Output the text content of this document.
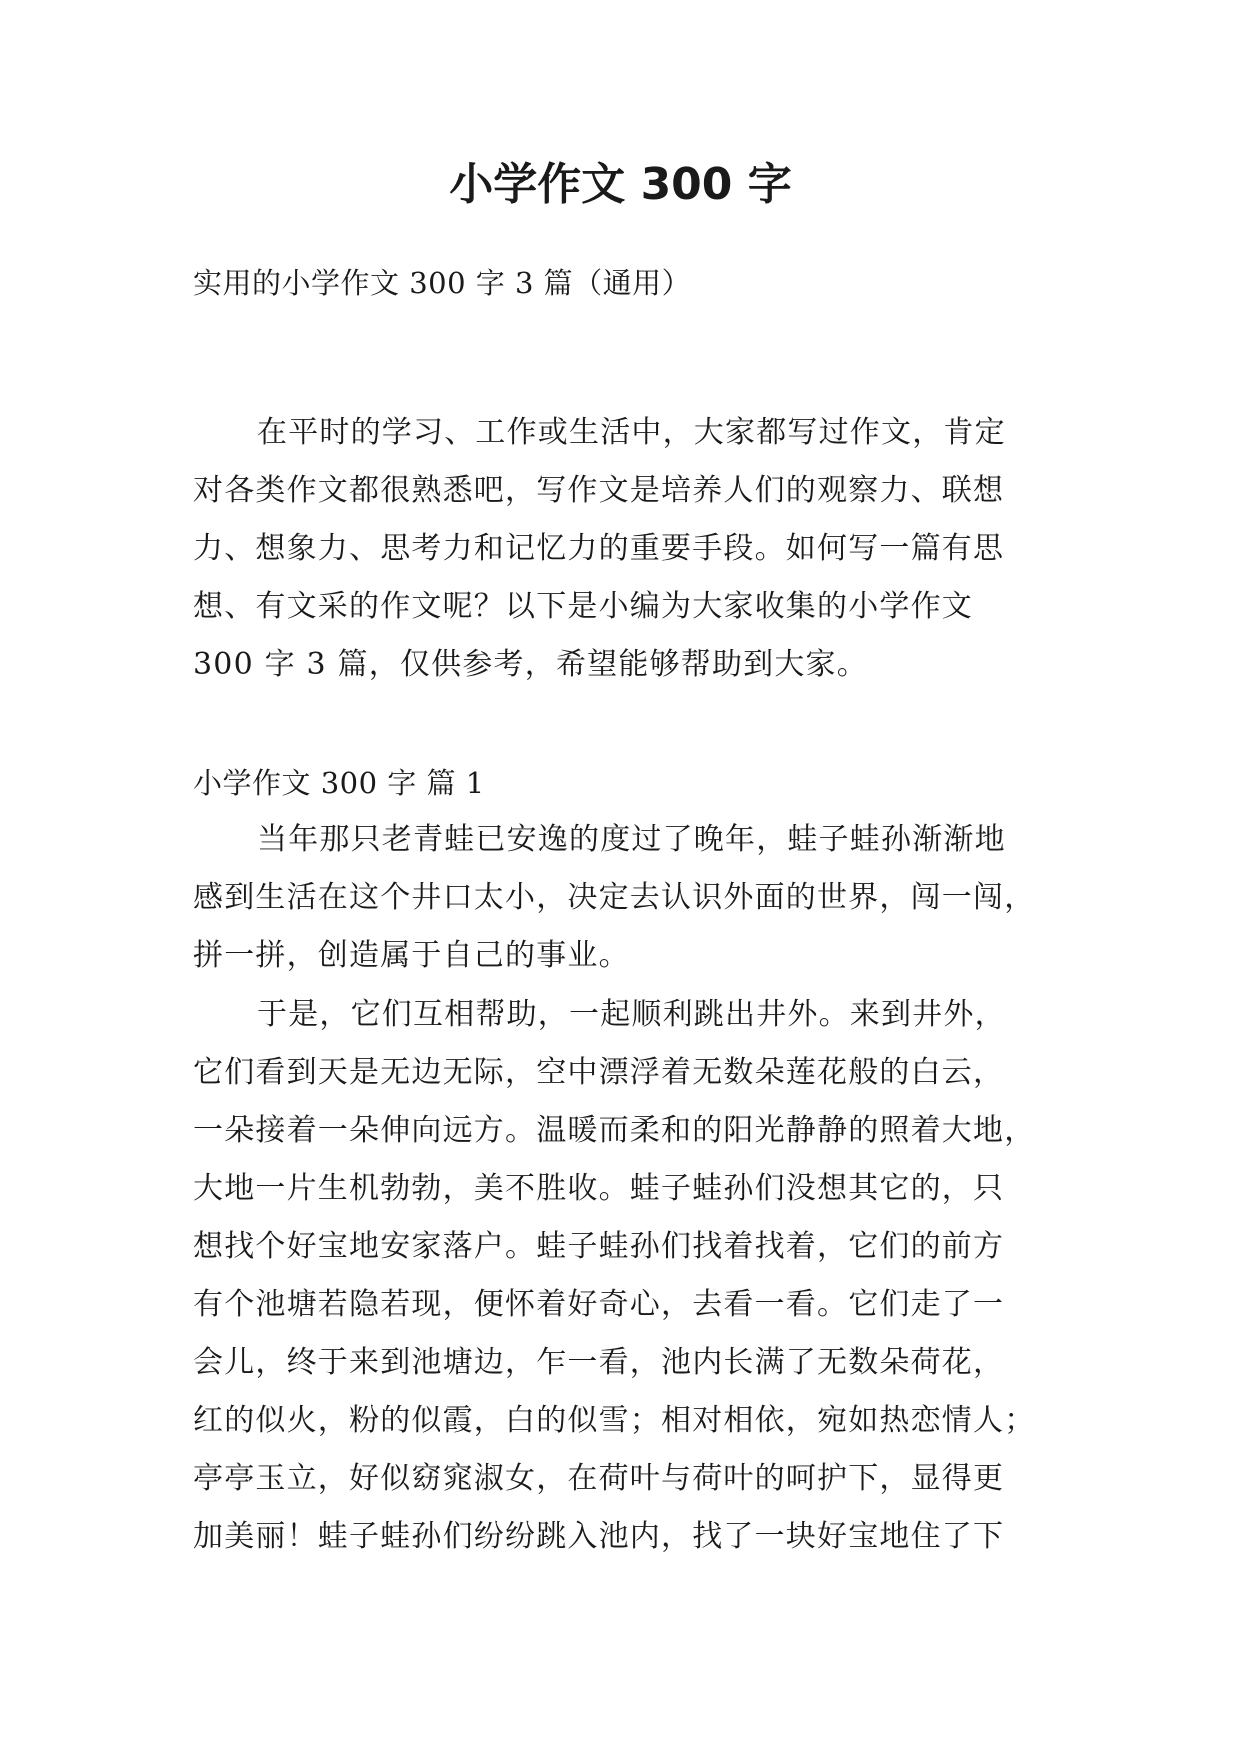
小学作文 300 字
实用的小学作文 300 字 3 篇（通用）
在平时的学习、工作或生活中，大家都写过作文，肯定
对各类作文都很熟悉吧，写作文是培养人们的观察力、联想
力、想象力、思考力和记忆力的重要手段。如何写一篇有思
想、有文采的作文呢？以下是小编为大家收集的小学作文
300 字 3 篇，仅供参考，希望能够帮助到大家。
小学作文 300 字 篇 1
当年那只老青蛙已安逸的度过了晚年，蛙子蛙孙渐渐地
感到生活在这个井口太小，决定去认识外面的世界，闯一闯，
拼一拼，创造属于自己的事业。
于是，它们互相帮助，一起顺利跳出井外。来到井外，
它们看到天是无边无际，空中漂浮着无数朵莲花般的白云，
一朵接着一朵伸向远方。温暖而柔和的阳光静静的照着大地，
大地一片生机勃勃，美不胜收。蛙子蛙孙们没想其它的，只
想找个好宝地安家落户。蛙子蛙孙们找着找着，它们的前方
有个池塘若隐若现，便怀着好奇心，去看一看。它们走了一
会儿，终于来到池塘边，乍一看，池内长满了无数朵荷花，
红的似火，粉的似霞，白的似雪；相对相依，宛如热恋情人；
亭亭玉立，好似窈窕淑女，在荷叶与荷叶的呵护下，显得更
加美丽！蛙子蛙孙们纷纷跳入池内，找了一块好宝地住了下
